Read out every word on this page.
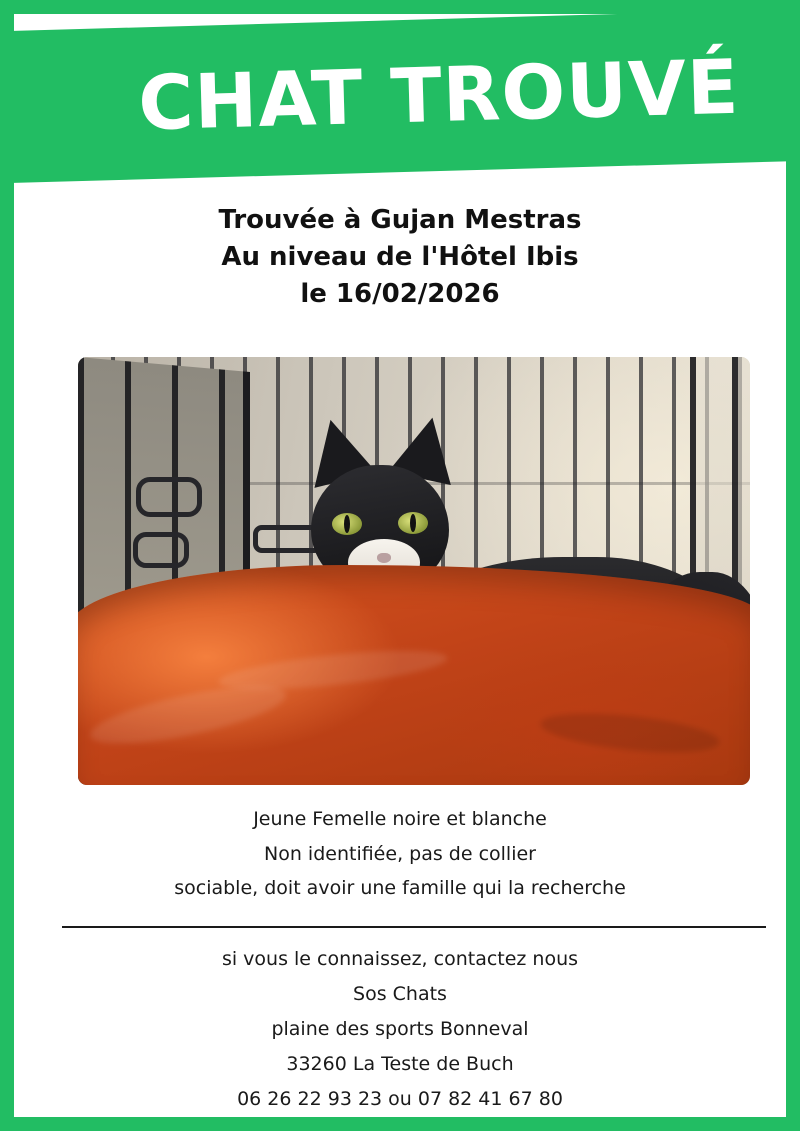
CHAT TROUVÉ
Trouvée à Gujan Mestras
Au niveau de l'Hôtel Ibis
le 16/02/2026
Jeune Femelle noire et blanche
Non identifiée, pas de collier
sociable, doit avoir une famille qui la recherche
si vous le connaissez, contactez nous
Sos Chats
plaine des sports Bonneval
33260 La Teste de Buch
06 26 22 93 23 ou 07 82 41 67 80
